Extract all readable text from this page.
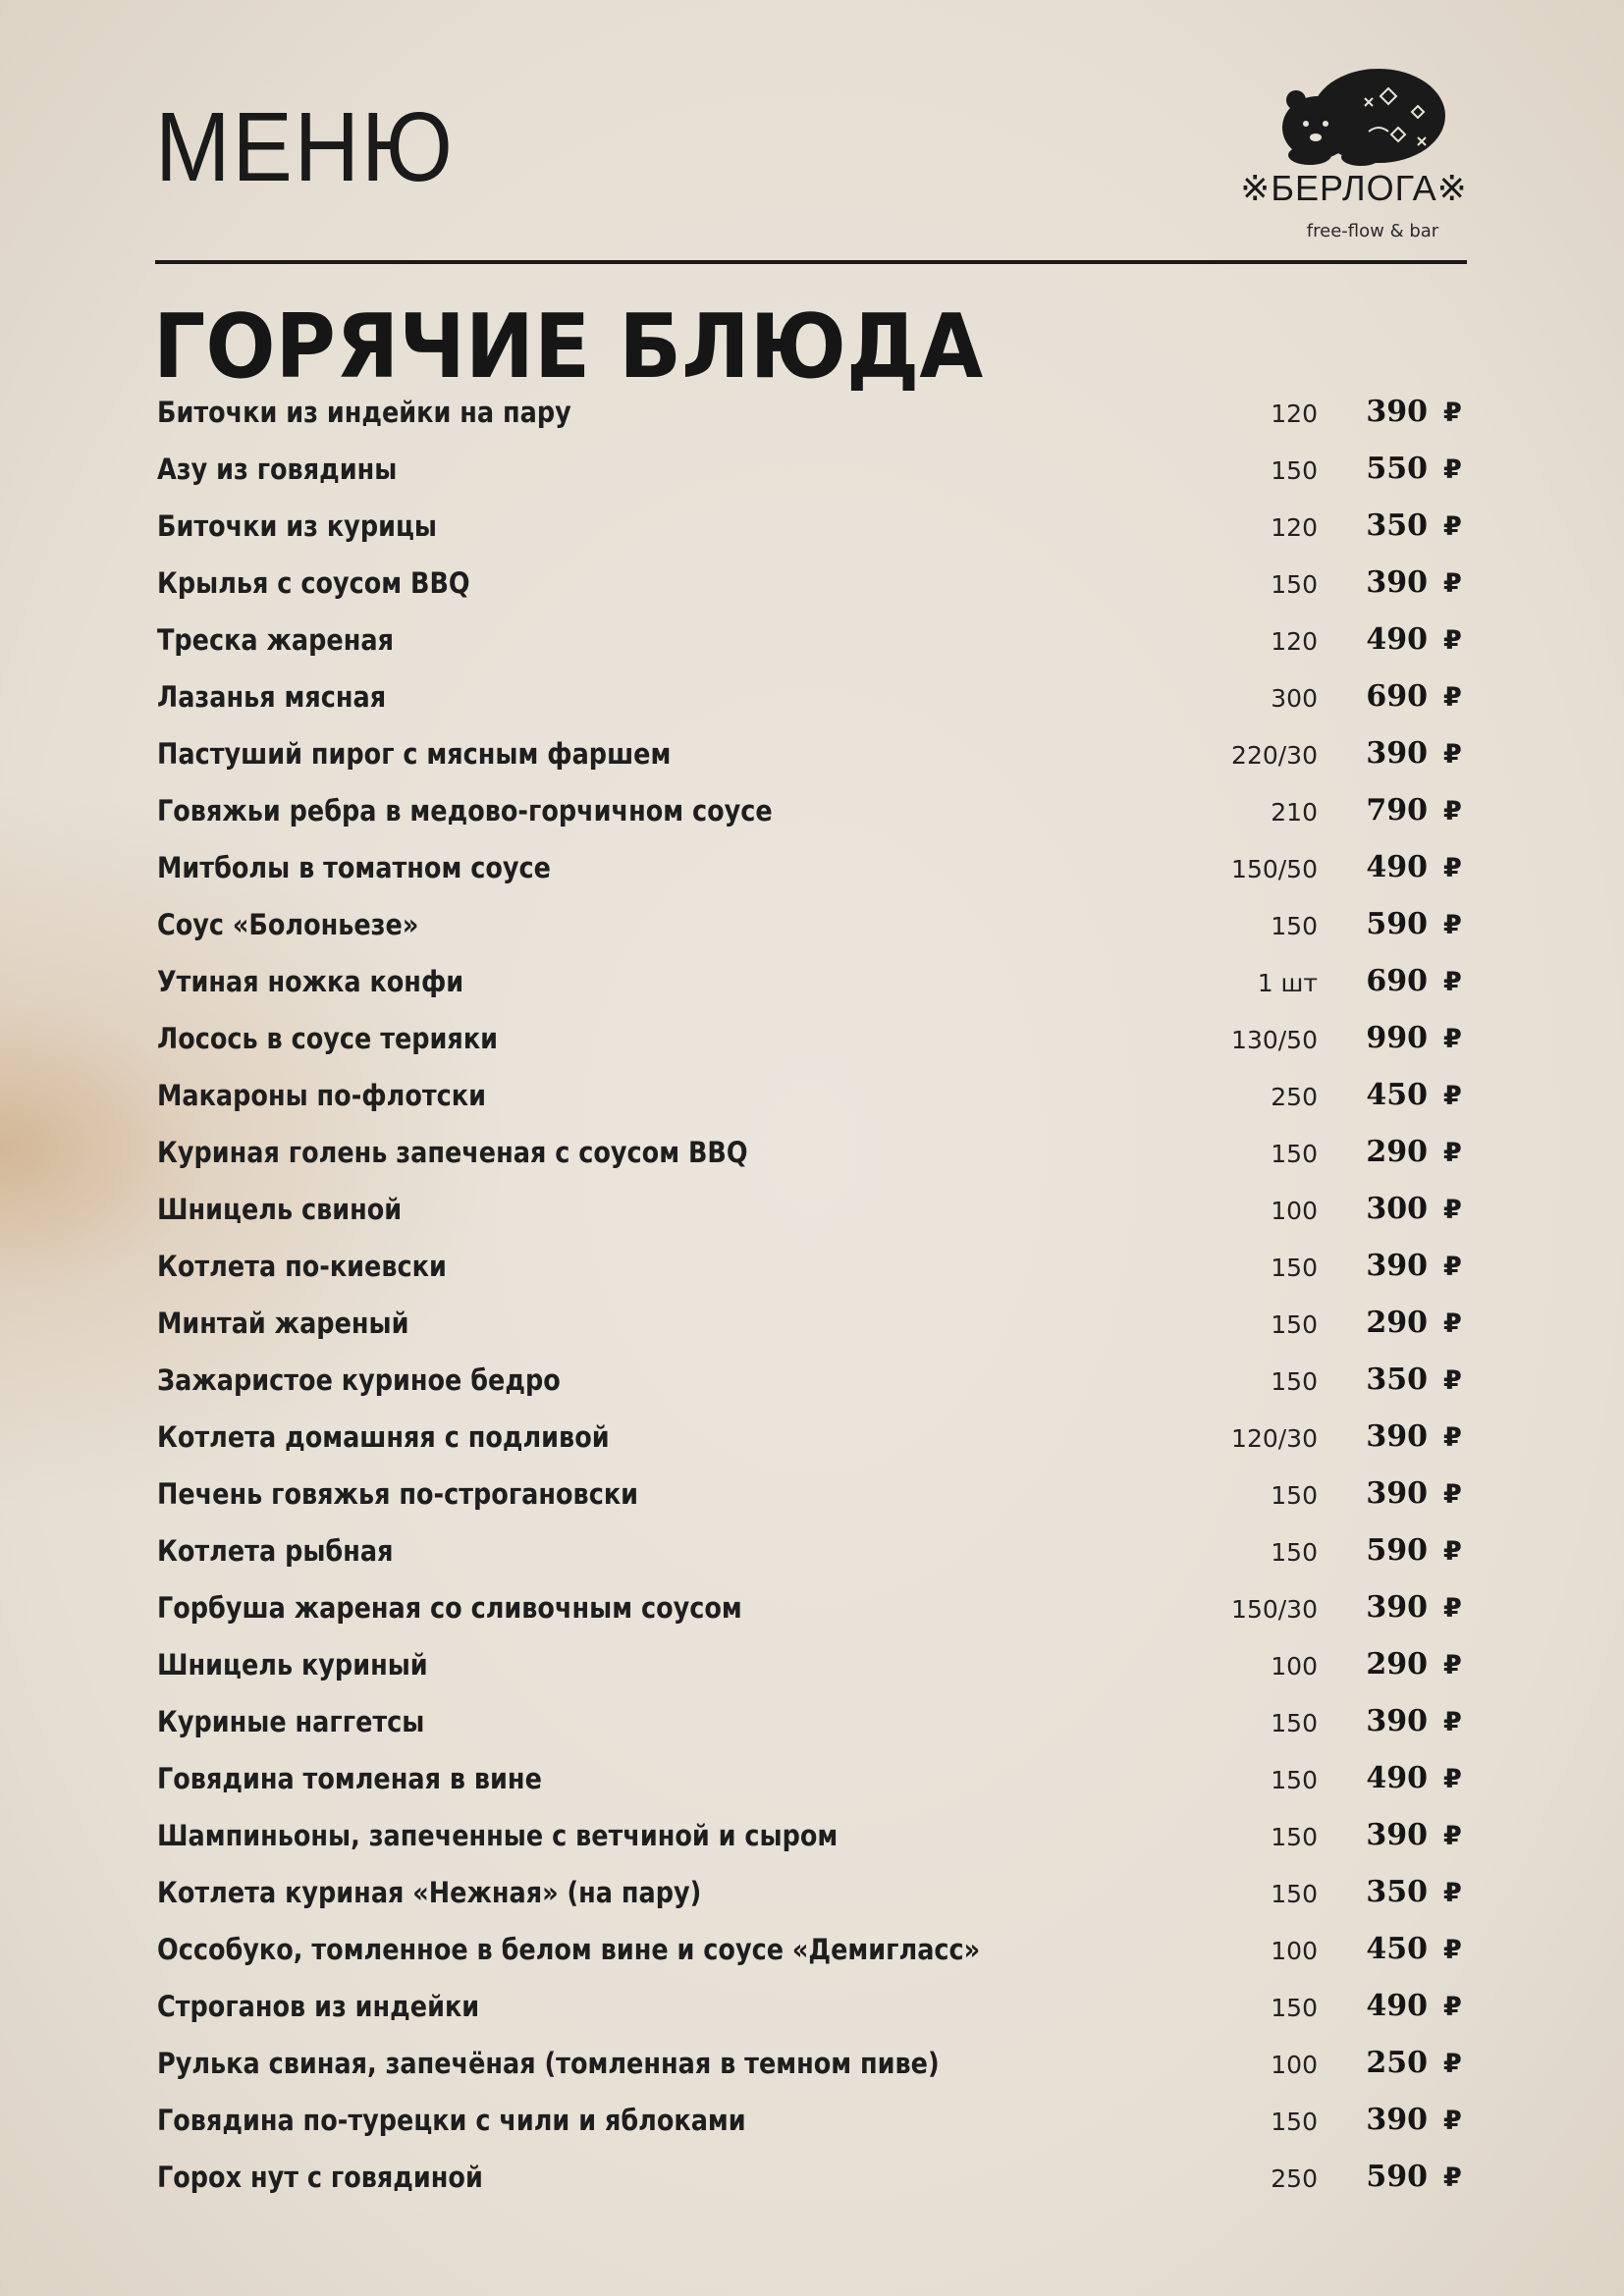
МЕНЮ	※БЕРЛОГА※
free-flow & bar
ГОРЯЧИЕ БЛЮДА
Биточки из индейки на пару	120 390 ₽
Азу из говядины	150 550 ₽
Биточки из курицы	120 350 ₽
Крылья с соусом BBQ	150 390 ₽
Треска жареная	120 490 ₽
Лазанья мясная	300 690 ₽
Пастуший пирог с мясным фаршем	220/30 390 ₽
Говяжьи ребра в медово-горчичном соусе	210 790 ₽
Митболы в томатном соусе	150/50 490 ₽
Соус «Болоньезе»	150 590 ₽
Утиная ножка конфи	1 шт 690 ₽
Лосось в соусе терияки	130/50 990 ₽
Макароны по-флотски	250 450 ₽
Куриная голень запеченая с соусом BBQ	150 290 ₽
Шницель свиной	100 300 ₽
Котлета по-киевски	150 390 ₽
Минтай жареный	150 290 ₽
Зажаристое куриное бедро	150 350 ₽
Котлета домашняя с подливой	120/30 390 ₽
Печень говяжья по-строгановски	150 390 ₽
Котлета рыбная	150 590 ₽
Горбуша жареная со сливочным соусом	150/30 390 ₽
Шницель куриный	100 290 ₽
Куриные наггетсы	150 390 ₽
Говядина томленая в вине	150 490 ₽
Шампиньоны, запеченные с ветчиной и сыром	150 390 ₽
Котлета куриная «Нежная» (на пару)	150 350 ₽
Оссобуко, томленное в белом вине и соусе «Демигласс»	100 450 ₽
Строганов из индейки	150 490 ₽
Рулька свиная, запечёная (томленная в темном пиве)	100 250 ₽
Говядина по-турецки с чили и яблоками	150 390 ₽
Горох нут с говядиной	250 590 ₽
